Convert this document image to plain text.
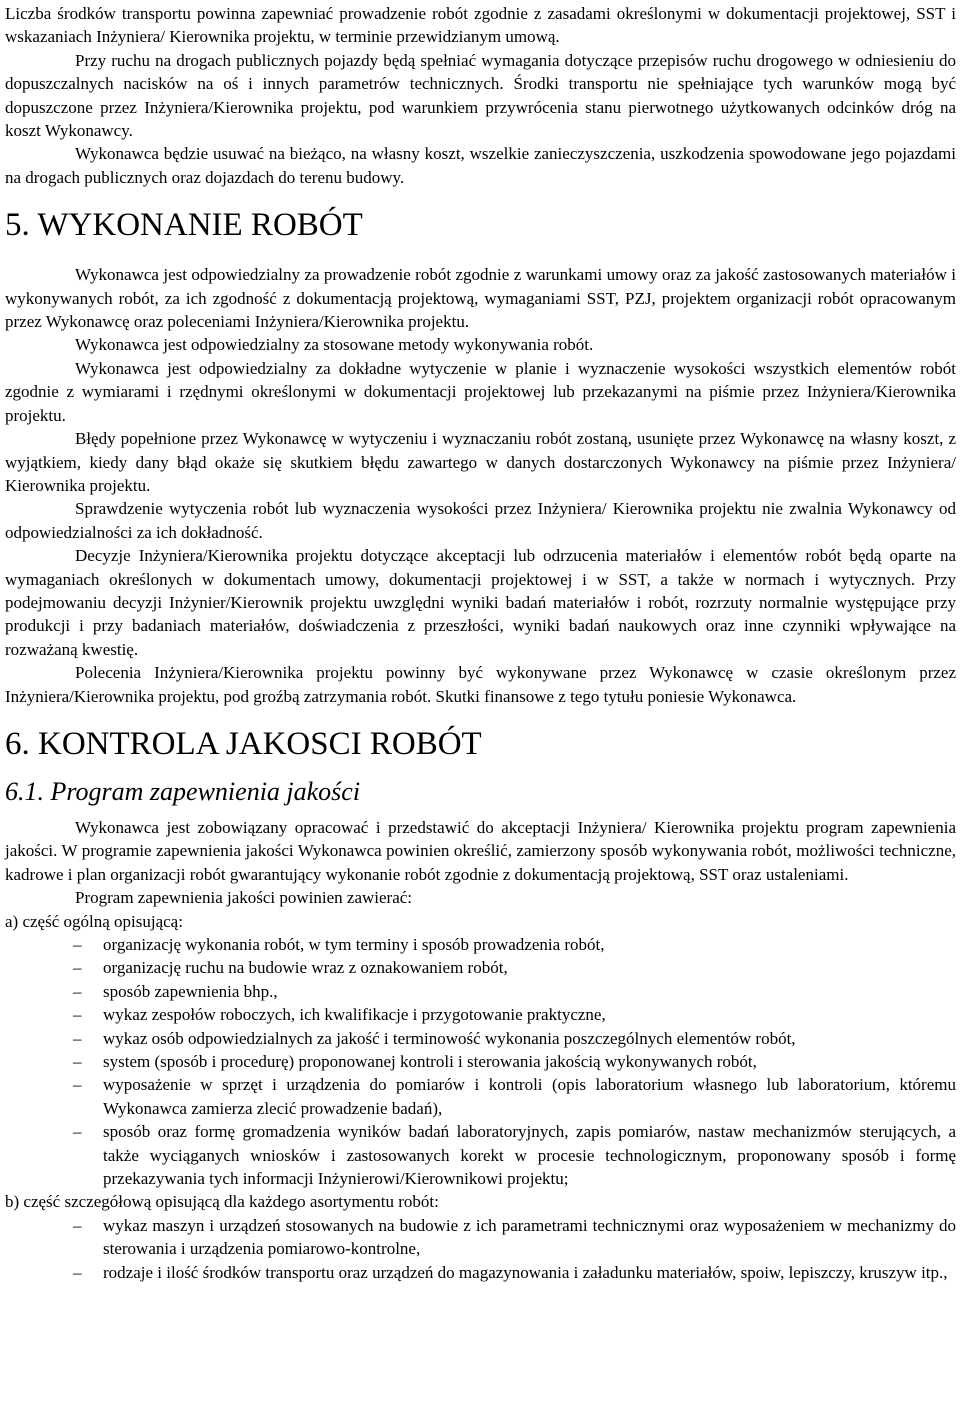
Liczba środków transportu powinna zapewniać prowadzenie robót zgodnie z zasadami określonymi w dokumentacji projektowej, SST i wskazaniach Inżyniera/ Kierownika projektu, w terminie przewidzianym umową.

Przy ruchu na drogach publicznych pojazdy będą spełniać wymagania dotyczące przepisów ruchu drogowego w odniesieniu do dopuszczalnych nacisków na oś i innych parametrów technicznych. Środki transportu nie spełniające tych warunków mogą być dopuszczone przez Inżyniera/Kierownika projektu, pod warunkiem przywrócenia stanu pierwotnego użytkowanych odcinków dróg na koszt Wykonawcy.

Wykonawca będzie usuwać na bieżąco, na własny koszt, wszelkie zanieczyszczenia, uszkodzenia spowodowane jego pojazdami na drogach publicznych oraz dojazdach do terenu budowy.

5. WYKONANIE ROBÓT

Wykonawca jest odpowiedzialny za prowadzenie robót zgodnie z warunkami umowy oraz za jakość zastosowanych materiałów i wykonywanych robót, za ich zgodność z dokumentacją projektową, wymaganiami SST, PZJ, projektem organizacji robót opracowanym przez Wykonawcę oraz poleceniami Inżyniera/Kierownika projektu.

Wykonawca jest odpowiedzialny za stosowane metody wykonywania robót.

Wykonawca jest odpowiedzialny za dokładne wytyczenie w planie i wyznaczenie wysokości wszystkich elementów robót zgodnie z wymiarami i rzędnymi określonymi w dokumentacji projektowej lub przekazanymi na piśmie przez Inżyniera/Kierownika projektu.

Błędy popełnione przez Wykonawcę w wytyczeniu i wyznaczaniu robót zostaną, usunięte przez Wykonawcę na własny koszt, z wyjątkiem, kiedy dany błąd okaże się skutkiem błędu zawartego w danych dostarczonych Wykonawcy na piśmie przez Inżyniera/ Kierownika projektu.

Sprawdzenie wytyczenia robót lub wyznaczenia wysokości przez Inżyniera/ Kierownika projektu nie zwalnia Wykonawcy od odpowiedzialności za ich dokładność.

Decyzje Inżyniera/Kierownika projektu dotyczące akceptacji lub odrzucenia materiałów i elementów robót będą oparte na wymaganiach określonych w dokumentach umowy, dokumentacji projektowej i w SST, a także w normach i wytycznych. Przy podejmowaniu decyzji Inżynier/Kierownik projektu uwzględni wyniki badań materiałów i robót, rozrzuty normalnie występujące przy produkcji i przy badaniach materiałów, doświadczenia z przeszłości, wyniki badań naukowych oraz inne czynniki wpływające na rozważaną kwestię.

Polecenia Inżyniera/Kierownika projektu powinny być wykonywane przez Wykonawcę w czasie określonym przez Inżyniera/Kierownika projektu, pod groźbą zatrzymania robót. Skutki finansowe z tego tytułu poniesie Wykonawca.

6. KONTROLA JAKOSCI ROBÓT
6.1. Program zapewnienia jakości

Wykonawca jest zobowiązany opracować i przedstawić do akceptacji Inżyniera/ Kierownika projektu program zapewnienia jakości. W programie zapewnienia jakości Wykonawca powinien określić, zamierzony sposób wykonywania robót, możliwości techniczne, kadrowe i plan organizacji robót gwarantujący wykonanie robót zgodnie z dokumentacją projektową, SST oraz ustaleniami.

Program zapewnienia jakości powinien zawierać:

a) część ogólną opisującą:

– organizację wykonania robót, w tym terminy i sposób prowadzenia robót,
– organizację ruchu na budowie wraz z oznakowaniem robót,
– sposób zapewnienia bhp.,
– wykaz zespołów roboczych, ich kwalifikacje i przygotowanie praktyczne,
– wykaz osób odpowiedzialnych za jakość i terminowość wykonania poszczególnych elementów robót,
– system (sposób i procedurę) proponowanej kontroli i sterowania jakością wykonywanych robót,
– wyposażenie w sprzęt i urządzenia do pomiarów i kontroli (opis laboratorium własnego lub laboratorium, któremu Wykonawca zamierza zlecić prowadzenie badań),
– sposób oraz formę gromadzenia wyników badań laboratoryjnych, zapis pomiarów, nastaw mechanizmów sterujących, a także wyciąganych wniosków i zastosowanych korekt w procesie technologicznym, proponowany sposób i formę przekazywania tych informacji Inżynierowi/Kierownikowi projektu;

b) część szczegółową opisującą dla każdego asortymentu robót:

– wykaz maszyn i urządzeń stosowanych na budowie z ich parametrami technicznymi oraz wyposażeniem w mechanizmy do sterowania i urządzenia pomiarowo-kontrolne,
– rodzaje i ilość środków transportu oraz urządzeń do magazynowania i załadunku materiałów, spoiw, lepiszczy, kruszyw itp.,
